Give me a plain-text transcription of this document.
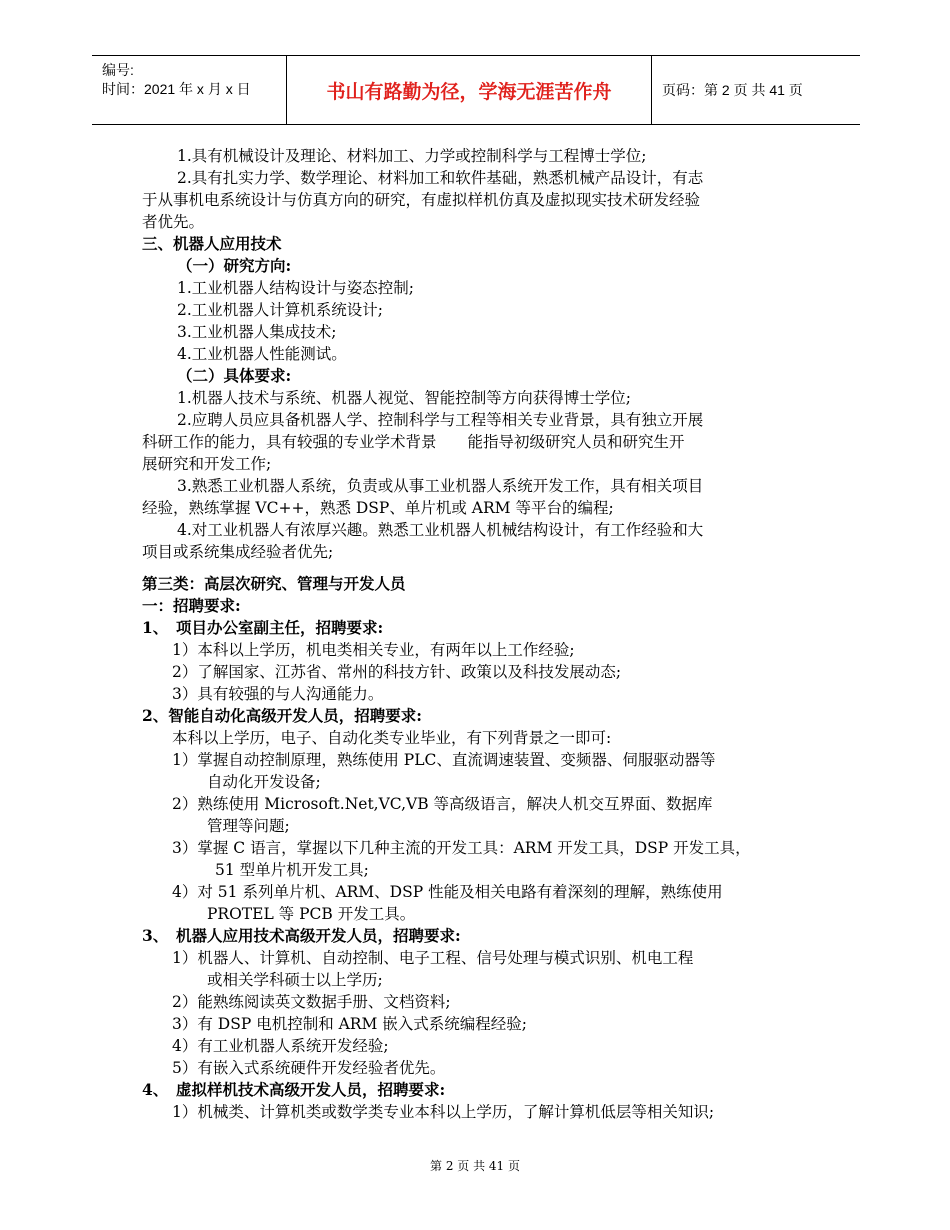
编号:
时间：2021 年 x 月 x 日	书山有路勤为径，学海无涯苦作舟	页码：第 2 页 共 41 页
1.具有机械设计及理论、材料加工、力学或控制科学与工程博士学位;
2.具有扎实力学、数学理论、材料加工和软件基础，熟悉机械产品设计，有志
于从事机电系统设计与仿真方向的研究，有虚拟样机仿真及虚拟现实技术研发经验
者优先。
三、机器人应用技术
（一）研究方向:
1.工业机器人结构设计与姿态控制;
2.工业机器人计算机系统设计;
3.工业机器人集成技术;
4.工业机器人性能测试。
（二）具体要求:
1.机器人技术与系统、机器人视觉、智能控制等方向获得博士学位;
2.应聘人员应具备机器人学、控制科学与工程等相关专业背景，具有独立开展
科研工作的能力，具有较强的专业学术背景　　能指导初级研究人员和研究生开
展研究和开发工作;
3.熟悉工业机器人系统，负责或从事工业机器人系统开发工作，具有相关项目
经验，熟练掌握 VC++，熟悉 DSP、单片机或 ARM 等平台的编程;
4.对工业机器人有浓厚兴趣。熟悉工业机器人机械结构设计，有工作经验和大
项目或系统集成经验者优先;
第三类：高层次研究、管理与开发人员
一：招聘要求:
1、　项目办公室副主任，招聘要求:
1）本科以上学历，机电类相关专业，有两年以上工作经验;
2）了解国家、江苏省、常州的科技方针、政策以及科技发展动态;
3）具有较强的与人沟通能力。
2、智能自动化高级开发人员，招聘要求:
本科以上学历，电子、自动化类专业毕业，有下列背景之一即可:
1）掌握自动控制原理，熟练使用 PLC、直流调速装置、变频器、伺服驱动器等
自动化开发设备;
2）熟练使用 Microsoft.Net,VC,VB 等高级语言，解决人机交互界面、数据库
管理等问题;
3）掌握 C 语言，掌握以下几种主流的开发工具：ARM 开发工具，DSP 开发工具，
51 型单片机开发工具;
4）对 51 系列单片机、ARM、DSP 性能及相关电路有着深刻的理解，熟练使用
PROTEL 等 PCB 开发工具。
3、　机器人应用技术高级开发人员，招聘要求:
1）机器人、计算机、自动控制、电子工程、信号处理与模式识别、机电工程
或相关学科硕士以上学历;
2）能熟练阅读英文数据手册、文档资料;
3）有 DSP 电机控制和 ARM 嵌入式系统编程经验;
4）有工业机器人系统开发经验;
5）有嵌入式系统硬件开发经验者优先。
4、　虚拟样机技术高级开发人员，招聘要求:
1）机械类、计算机类或数学类专业本科以上学历，了解计算机低层等相关知识;
第 2 页 共 41 页
